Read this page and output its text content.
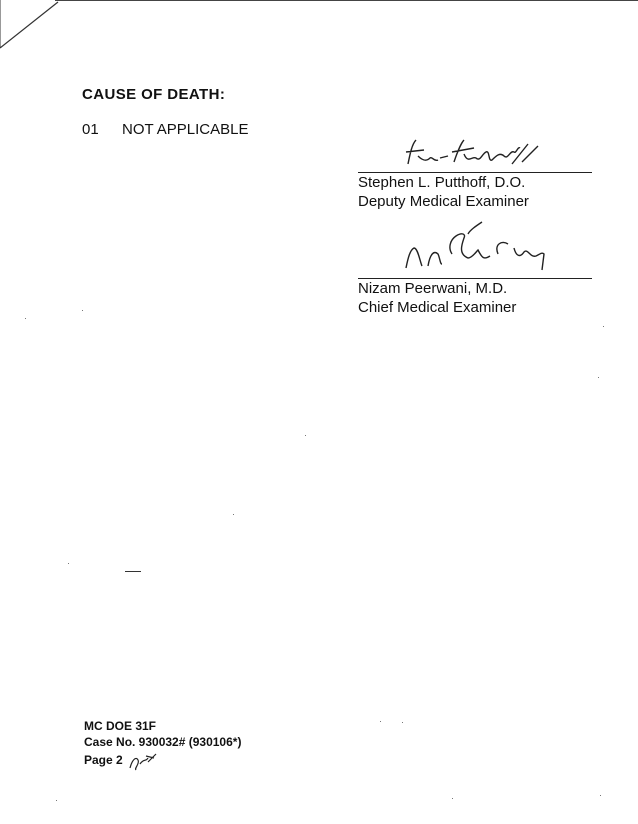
CAUSE OF DEATH:
01 NOT APPLICABLE
Stephen L. Putthoff, D.O.
Deputy Medical Examiner
Nizam Peerwani, M.D.
Chief Medical Examiner
MC DOE 31F
Case No. 930032# (930106*)
Page 2
